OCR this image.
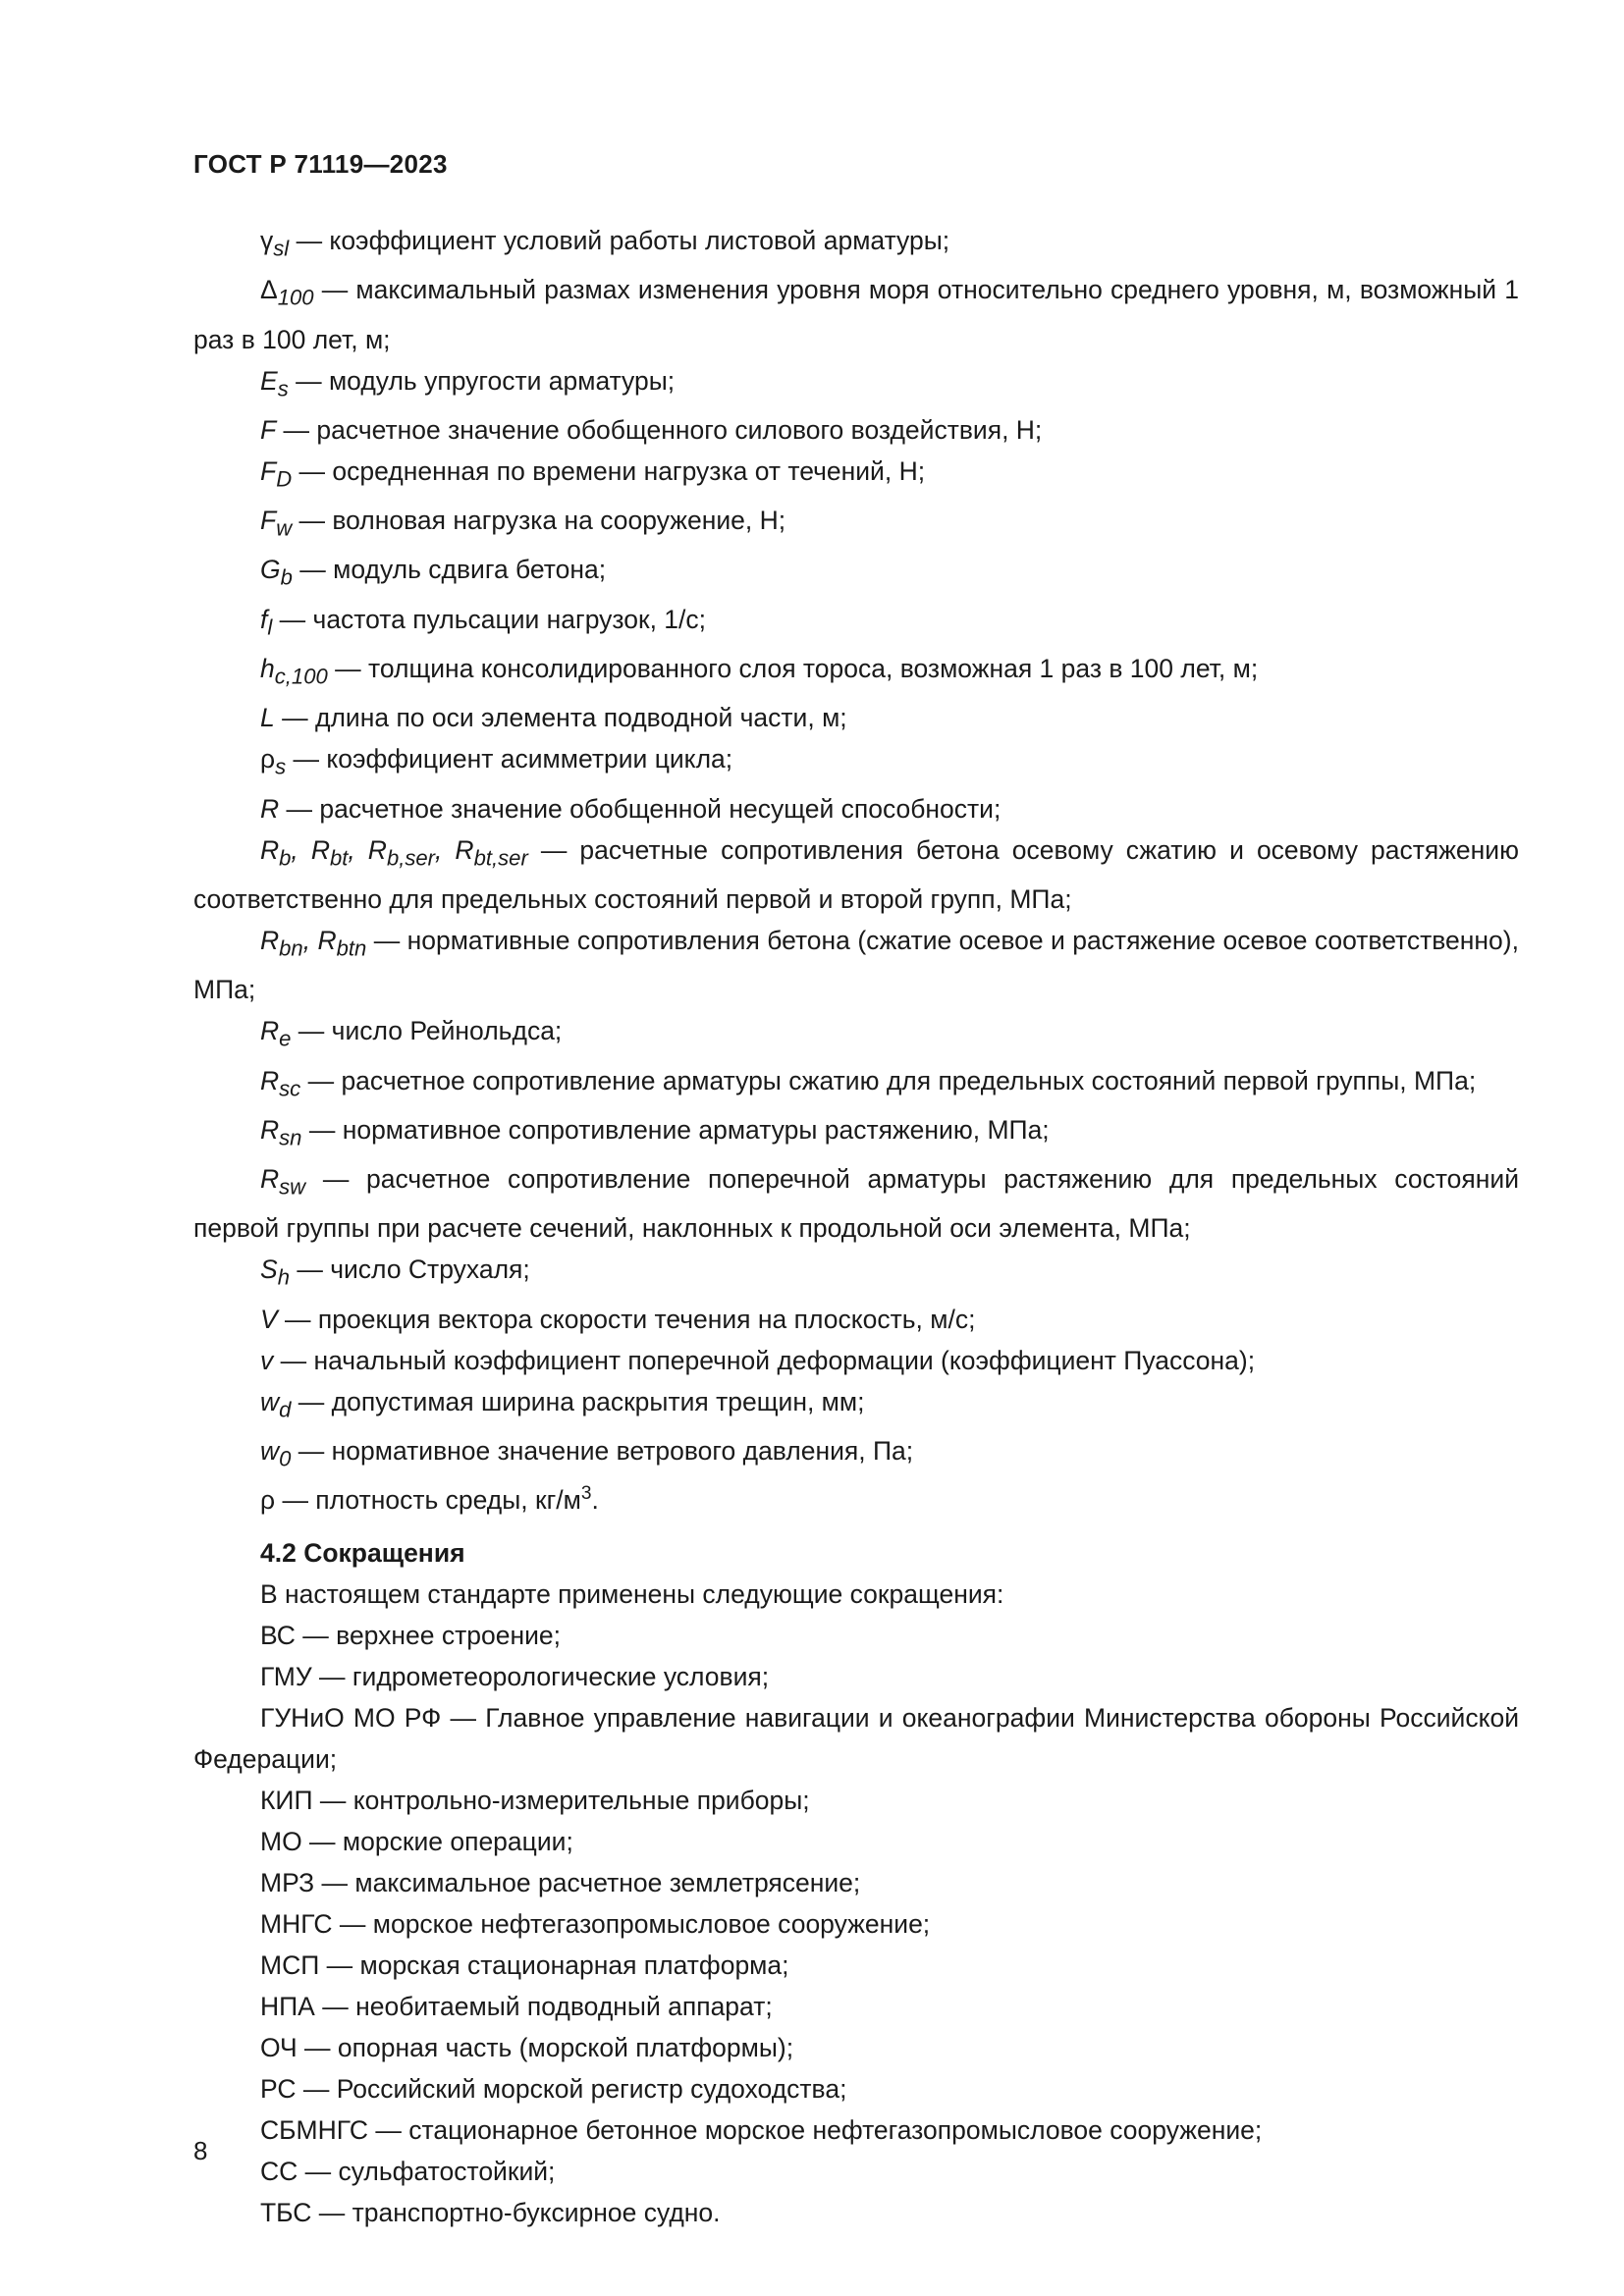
ГОСТ Р 71119—2023

$\gamma_{sl}$ — коэффициент условий работы листовой арматуры;

$\Delta_{100}$ — максимальный размах изменения уровня моря относительно среднего уровня, м, возможный 1 раз в 100 лет, м;

$E_s$ — модуль упругости арматуры;

F — расчетное значение обобщенного силового воздействия, Н;

$F_D$ — осредненная по времени нагрузка от течений, Н;

$F_w$ — волновая нагрузка на сооружение, Н;

$G_b$ — модуль сдвига бетона;

$f_l$ — частота пульсации нагрузок, 1/с;

$h_{c,100}$ — толщина консолидированного слоя тороса, возможная 1 раз в 100 лет, м;

L — длина по оси элемента подводной части, м;

$\rho_s$ — коэффициент асимметрии цикла;

R — расчетное значение обобщенной несущей способности;

$R_b$, $R_{bt}$, $R_{b,ser}$, $R_{bt,ser}$ — расчетные сопротивления бетона осевому сжатию и осевому растяжению соответственно для предельных состояний первой и второй групп, МПа;

$R_{bn}$, $R_{btn}$ — нормативные сопротивления бетона (сжатие осевое и растяжение осевое соответственно), МПа;

$R_e$ — число Рейнольдса;

$R_{sc}$ — расчетное сопротивление арматуры сжатию для предельных состояний первой группы, МПа;

$R_{sn}$ — нормативное сопротивление арматуры растяжению, МПа;

$R_{sw}$ — расчетное сопротивление поперечной арматуры растяжению для предельных состояний первой группы при расчете сечений, наклонных к продольной оси элемента, МПа;

$S_h$ — число Струхаля;

V — проекция вектора скорости течения на плоскость, м/с;

v — начальный коэффициент поперечной деформации (коэффициент Пуассона);

$w_d$ — допустимая ширина раскрытия трещин, мм;

$w_0$ — нормативное значение ветрового давления, Па;

ρ — плотность среды, $кг/м^3$.

4.2 Сокращения

В настоящем стандарте применены следующие сокращения:

ВС — верхнее строение;

ГМУ — гидрометеорологические условия;

ГУНиО МО РФ — Главное управление навигации и океанографии Министерства обороны Российской Федерации;

КИП — контрольно-измерительные приборы;

МО — морские операции;

МРЗ — максимальное расчетное землетрясение;

МНГС — морское нефтегазопромысловое сооружение;

МСП — морская стационарная платформа;

НПА — необитаемый подводный аппарат;

ОЧ — опорная часть (морской платформы);

РС — Российский морской регистр судоходства;

СБМНГС — стационарное бетонное морское нефтегазопромысловое сооружение;

СС — сульфатостойкий;

ТБС — транспортно-буксирное судно.

8
